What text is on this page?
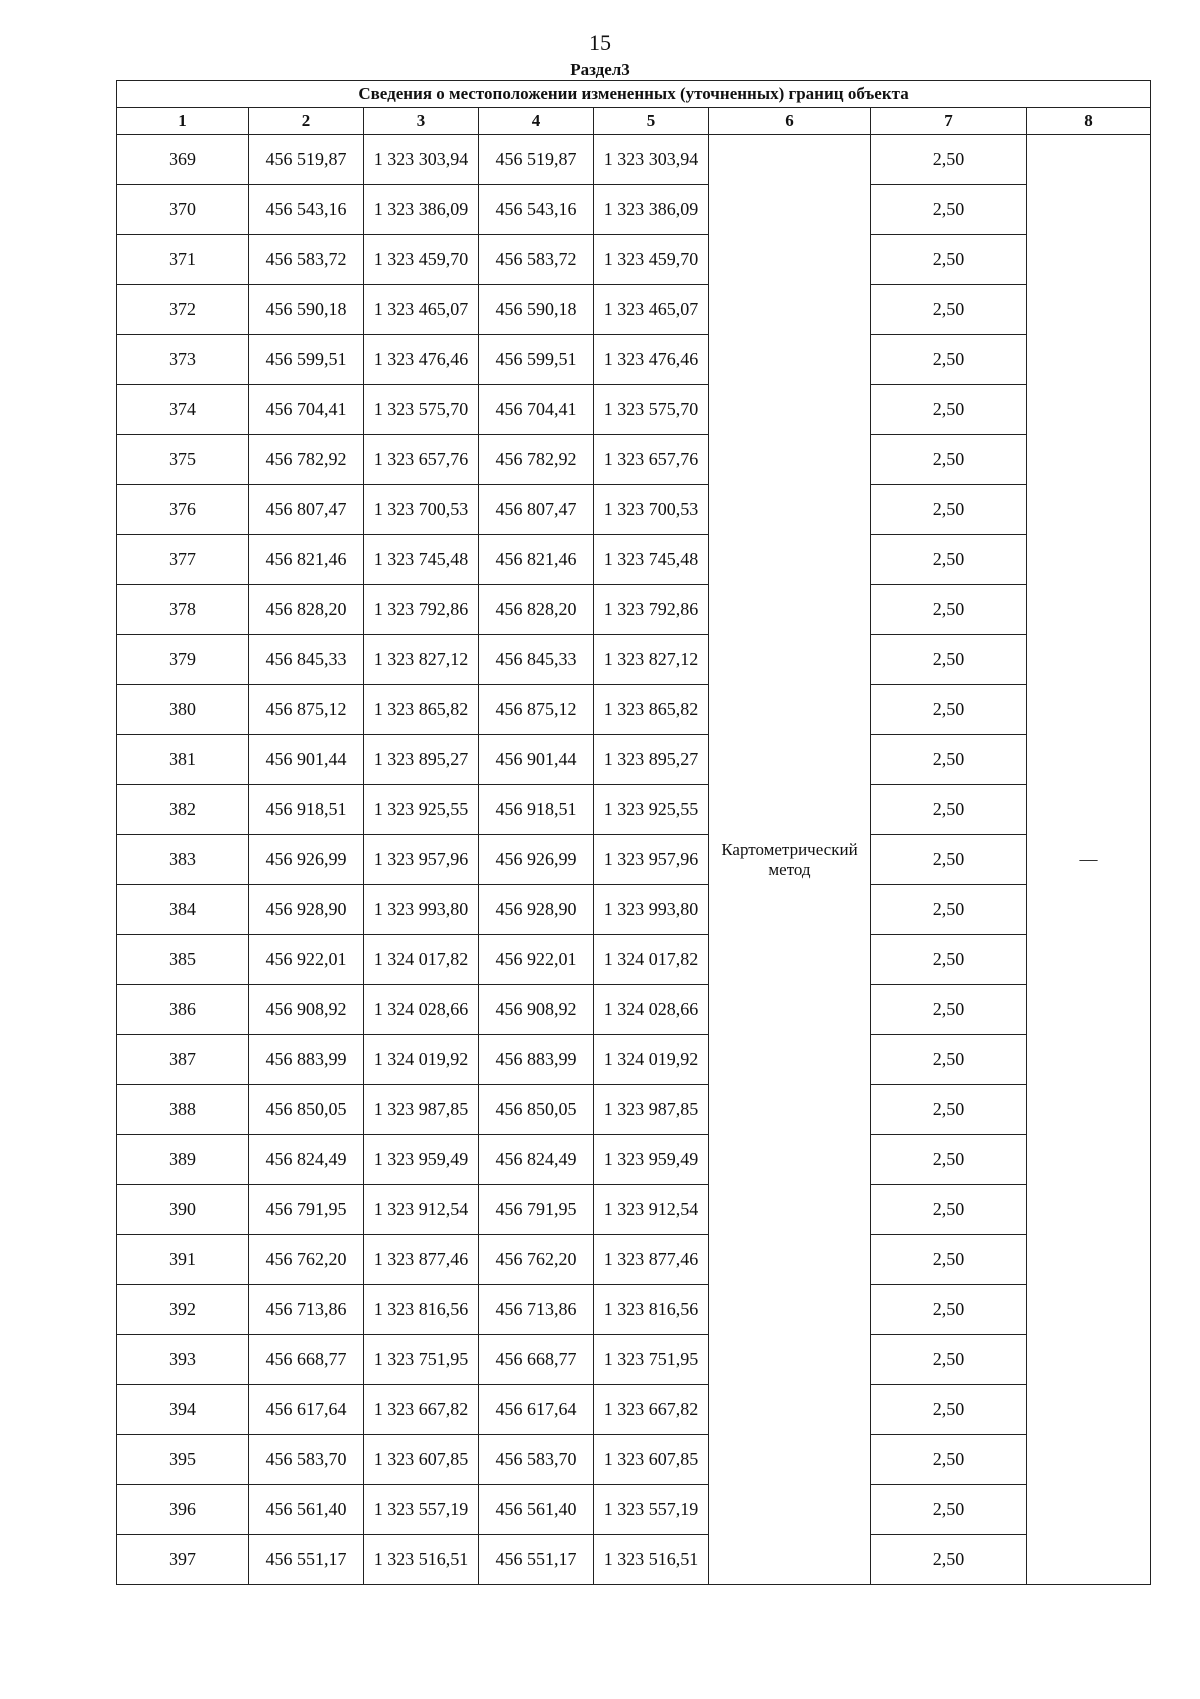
15
Раздел3
Сведения о местоположении измененных (уточненных) границ объекта							
1	2	3	4	5	6	7	8
369	456 519,87	1 323 303,94	456 519,87	1 323 303,94	Картометрический метод	2,50	—
370	456 543,16	1 323 386,09	456 543,16	1 323 386,09		2,50	
371	456 583,72	1 323 459,70	456 583,72	1 323 459,70		2,50	
372	456 590,18	1 323 465,07	456 590,18	1 323 465,07		2,50	
373	456 599,51	1 323 476,46	456 599,51	1 323 476,46		2,50	
374	456 704,41	1 323 575,70	456 704,41	1 323 575,70		2,50	
375	456 782,92	1 323 657,76	456 782,92	1 323 657,76		2,50	
376	456 807,47	1 323 700,53	456 807,47	1 323 700,53		2,50	
377	456 821,46	1 323 745,48	456 821,46	1 323 745,48		2,50	
378	456 828,20	1 323 792,86	456 828,20	1 323 792,86		2,50	
379	456 845,33	1 323 827,12	456 845,33	1 323 827,12		2,50	
380	456 875,12	1 323 865,82	456 875,12	1 323 865,82		2,50	
381	456 901,44	1 323 895,27	456 901,44	1 323 895,27		2,50	
382	456 918,51	1 323 925,55	456 918,51	1 323 925,55		2,50	
383	456 926,99	1 323 957,96	456 926,99	1 323 957,96		2,50	
384	456 928,90	1 323 993,80	456 928,90	1 323 993,80		2,50	
385	456 922,01	1 324 017,82	456 922,01	1 324 017,82		2,50	
386	456 908,92	1 324 028,66	456 908,92	1 324 028,66		2,50	
387	456 883,99	1 324 019,92	456 883,99	1 324 019,92		2,50	
388	456 850,05	1 323 987,85	456 850,05	1 323 987,85		2,50	
389	456 824,49	1 323 959,49	456 824,49	1 323 959,49		2,50	
390	456 791,95	1 323 912,54	456 791,95	1 323 912,54		2,50	
391	456 762,20	1 323 877,46	456 762,20	1 323 877,46		2,50	
392	456 713,86	1 323 816,56	456 713,86	1 323 816,56		2,50	
393	456 668,77	1 323 751,95	456 668,77	1 323 751,95		2,50	
394	456 617,64	1 323 667,82	456 617,64	1 323 667,82		2,50	
395	456 583,70	1 323 607,85	456 583,70	1 323 607,85		2,50	
396	456 561,40	1 323 557,19	456 561,40	1 323 557,19		2,50	
397	456 551,17	1 323 516,51	456 551,17	1 323 516,51		2,50	
